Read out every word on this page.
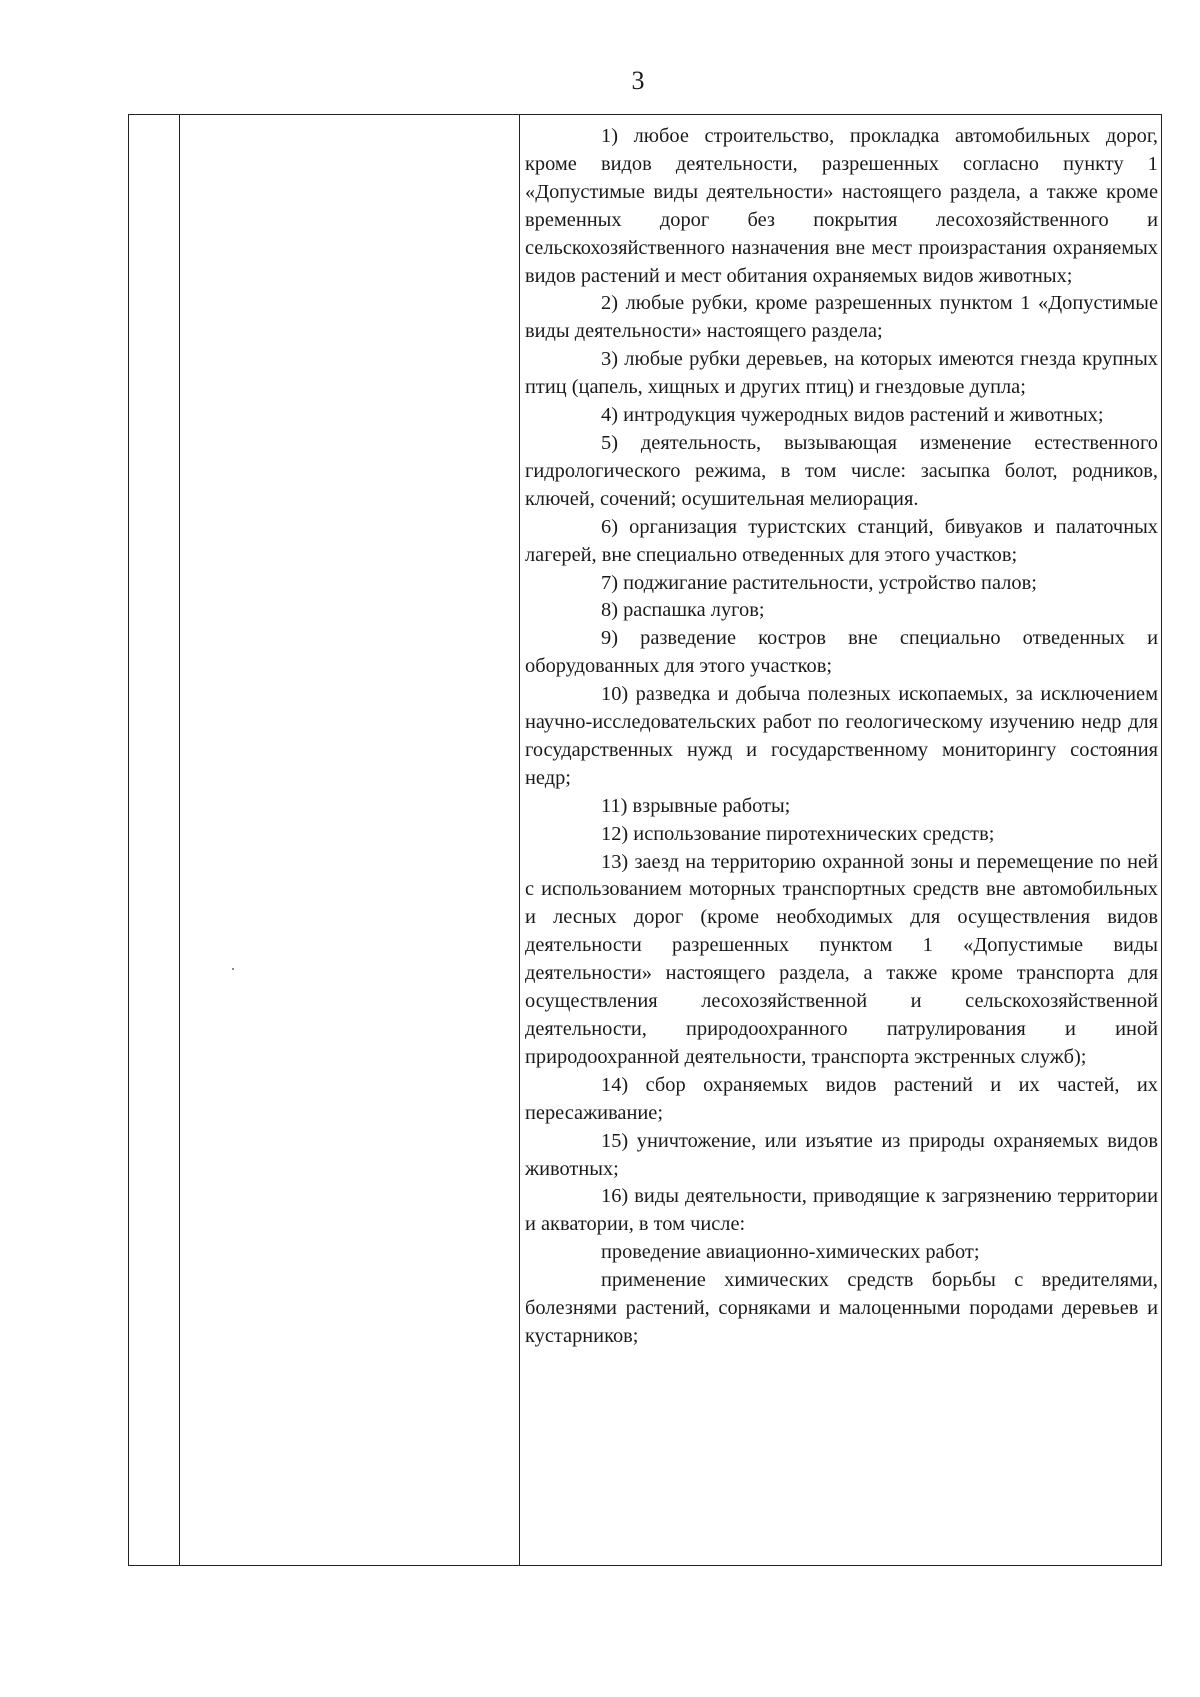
3

1) любое строительство, прокладка автомобильных дорог, кроме видов деятельности, разрешенных согласно пункту 1 «Допустимые виды деятельности» настоящего раздела, а также кроме временных дорог без покрытия лесохозяйственного и сельскохозяйственного назначения вне мест произрастания охраняемых видов растений и мест обитания охраняемых видов животных;

2) любые рубки, кроме разрешенных пунктом 1 «Допустимые виды деятельности» настоящего раздела;

3) любые рубки деревьев, на которых имеются гнезда крупных птиц (цапель, хищных и других птиц) и гнездовые дупла;

4) интродукция чужеродных видов растений и животных;

5) деятельность, вызывающая изменение естественного гидрологического режима, в том числе: засыпка болот, родников, ключей, сочений; осушительная мелиорация.

6) организация туристских станций, бивуаков и палаточных лагерей, вне специально отведенных для этого участков;

7) поджигание растительности, устройство палов;

8) распашка лугов;

9) разведение костров вне специально отведенных и оборудованных для этого участков;

10) разведка и добыча полезных ископаемых, за исключением научно-исследовательских работ по геологическому изучению недр для государственных нужд и государственному мониторингу состояния недр;

11) взрывные работы;

12) использование пиротехнических средств;

13) заезд на территорию охранной зоны и перемещение по ней с использованием моторных транспортных средств вне автомобильных и лесных дорог (кроме необходимых для осуществления видов деятельности разрешенных пунктом 1 «Допустимые виды деятельности» настоящего раздела, а также кроме транспорта для осуществления лесохозяйственной и сельскохозяйственной деятельности, природоохранного патрулирования и иной природоохранной деятельности, транспорта экстренных служб);

14) сбор охраняемых видов растений и их частей, их пересаживание;

15) уничтожение, или изъятие из природы охраняемых видов животных;

16) виды деятельности, приводящие к загрязнению территории и акватории, в том числе:

проведение авиационно-химических работ;

применение химических средств борьбы с вредителями, болезнями растений, сорняками и малоценными породами деревьев и кустарников;
